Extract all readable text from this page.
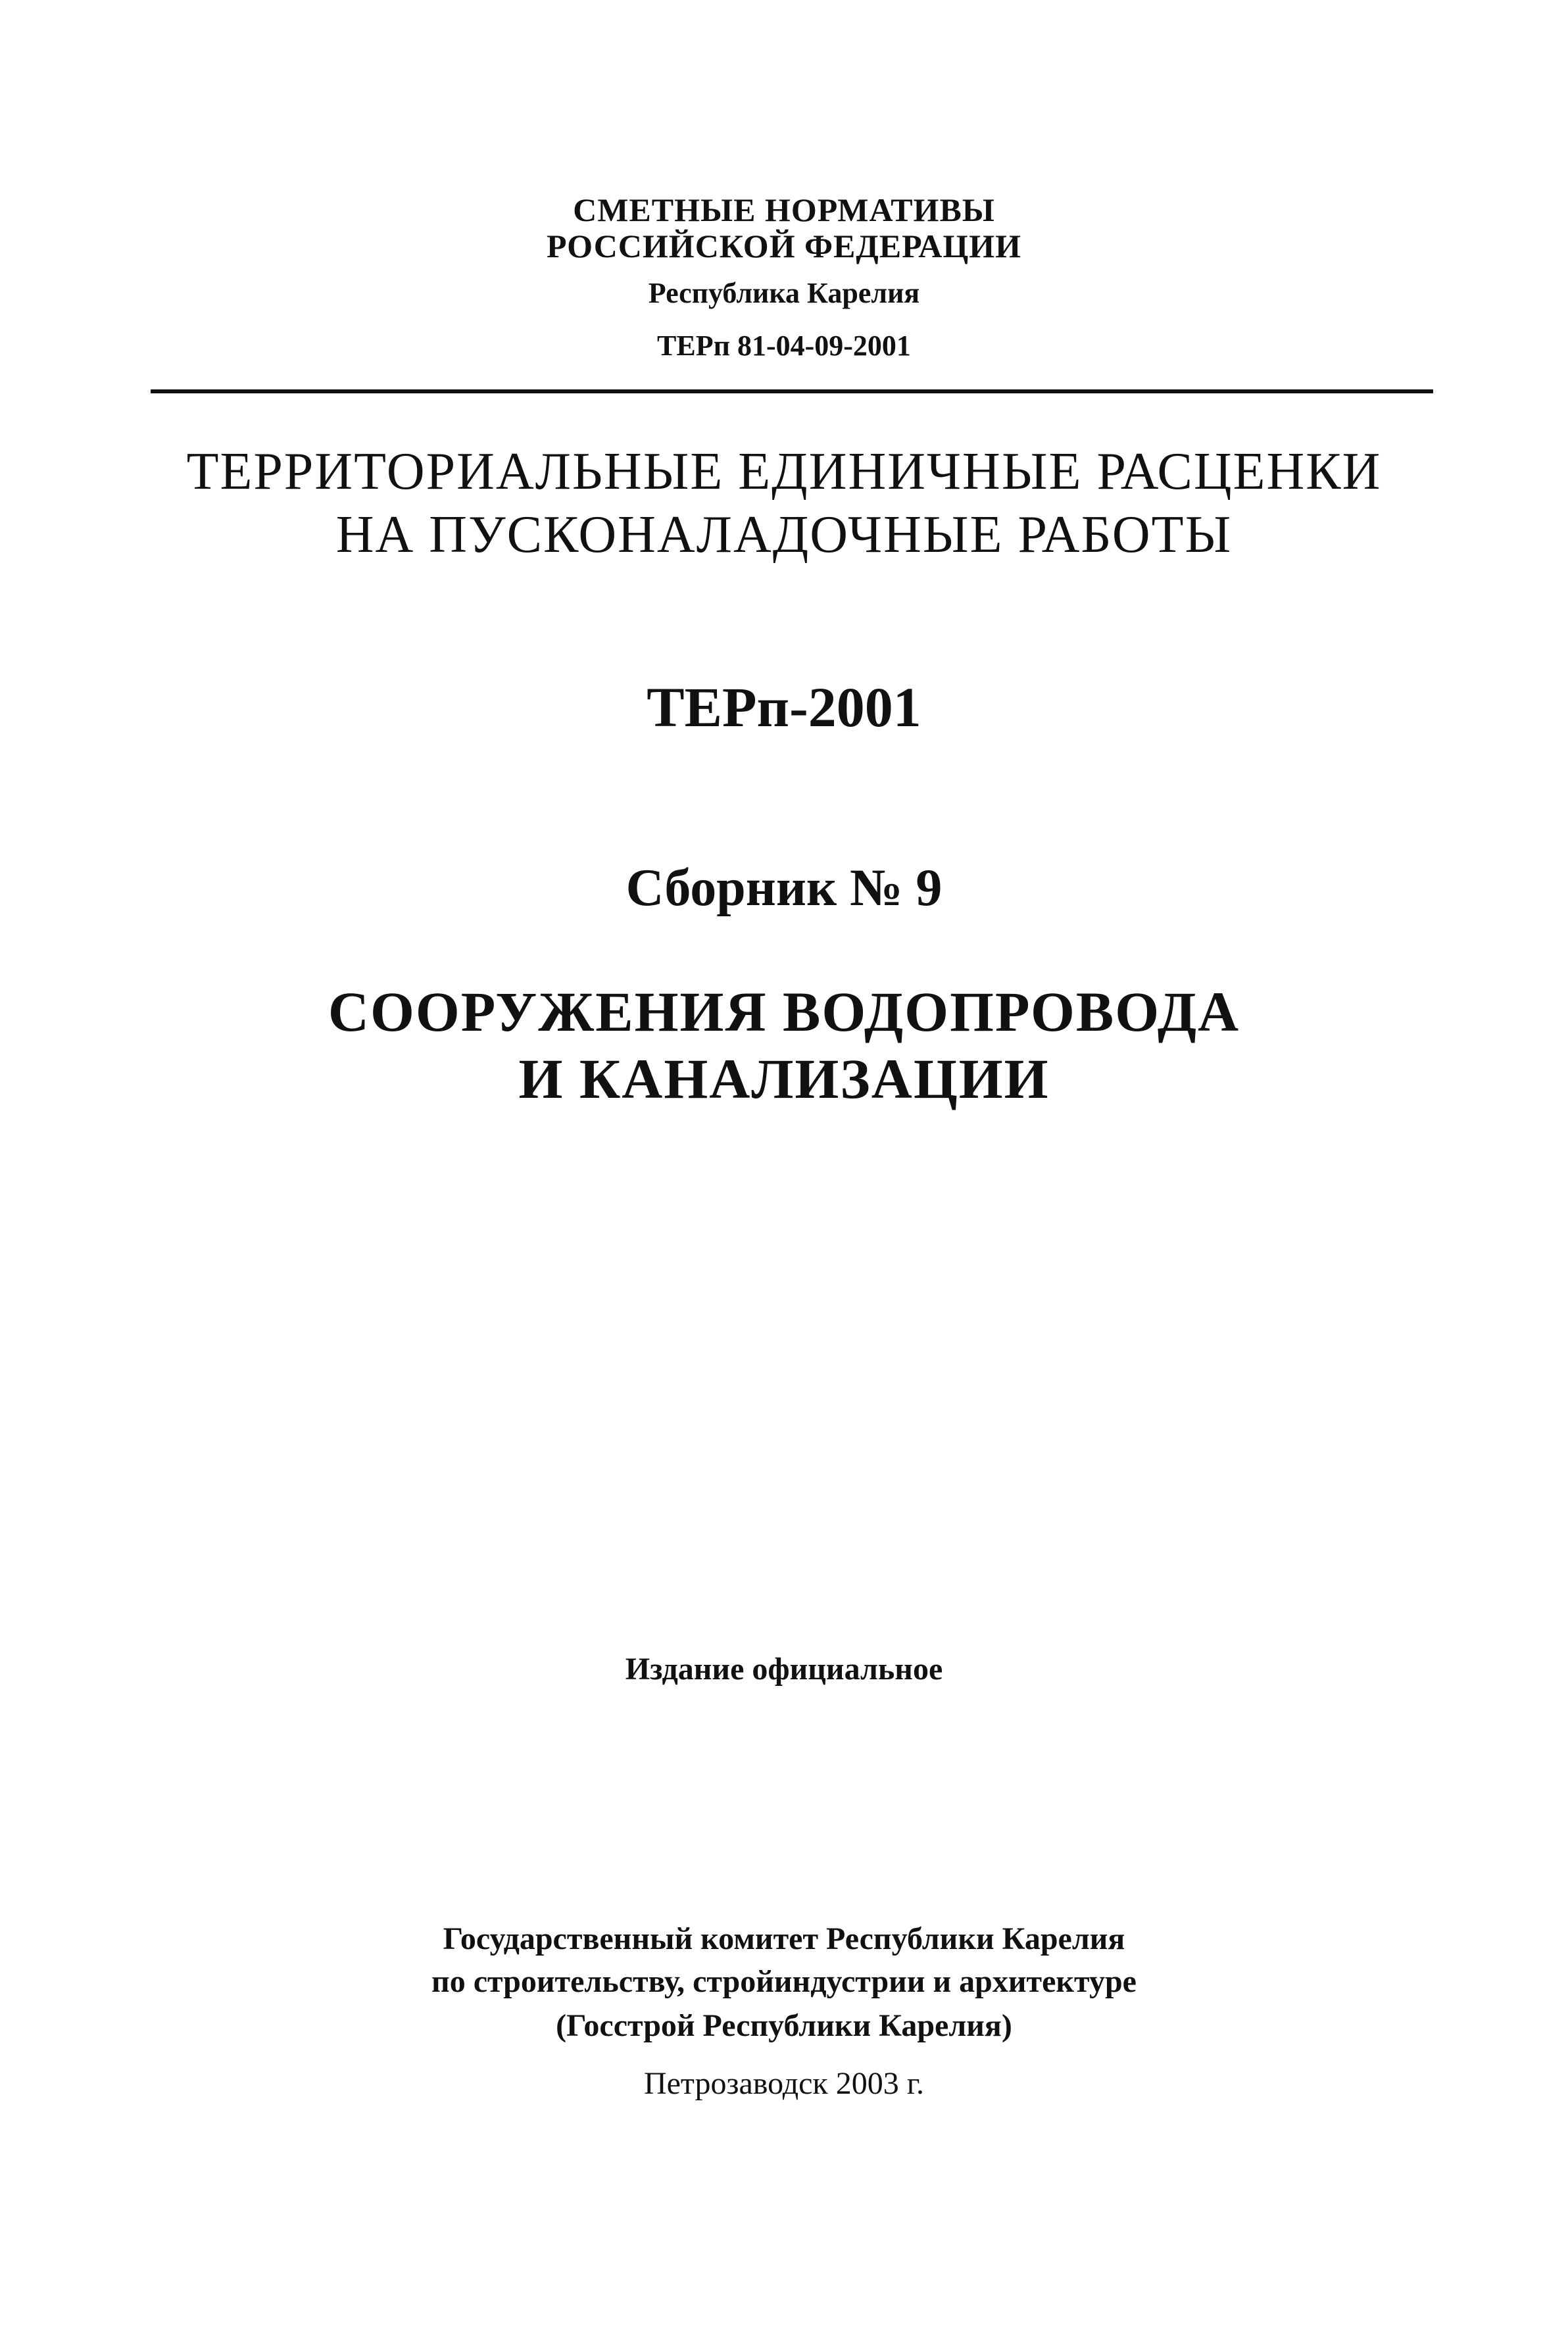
СМЕТНЫЕ НОРМАТИВЫ
РОССИЙСКОЙ ФЕДЕРАЦИИ
Республика Карелия
ТЕРп 81-04-09-2001
ТЕРРИТОРИАЛЬНЫЕ ЕДИНИЧНЫЕ РАСЦЕНКИ
НА ПУСКОНАЛАДОЧНЫЕ РАБОТЫ
ТЕРп-2001
Сборник № 9
СООРУЖЕНИЯ ВОДОПРОВОДА
И КАНАЛИЗАЦИИ
Издание официальное
Государственный комитет Республики Карелия
по строительству, стройиндустрии и архитектуре
(Госстрой Республики Карелия)
Петрозаводск 2003 г.
